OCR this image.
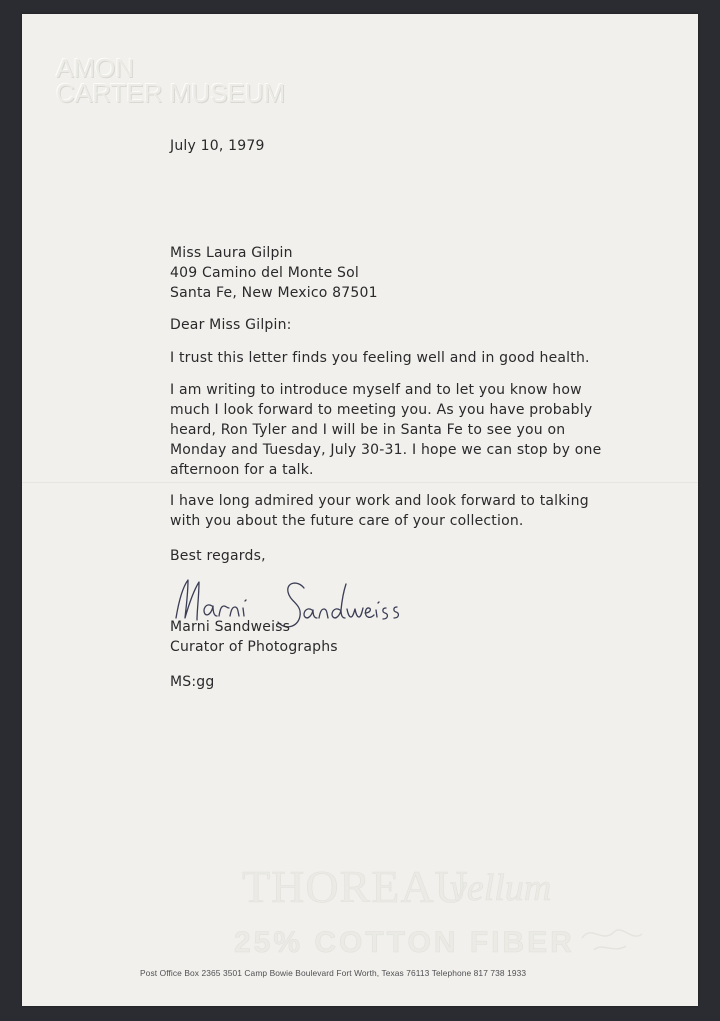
AMON
CARTER MUSEUM
July 10, 1979
Miss Laura Gilpin
409 Camino del Monte Sol
Santa Fe, New Mexico 87501
Dear Miss Gilpin:
I trust this letter finds you feeling well and in good health.
I am writing to introduce myself and to let you know how much I look forward to meeting you. As you have probably heard, Ron Tyler and I will be in Santa Fe to see you on Monday and Tuesday, July 30-31. I hope we can stop by one afternoon for a talk.
I have long admired your work and look forward to talking with you about the future care of your collection.
Best regards,
Marni Sandweiss
Curator of Photographs
MS:gg
THOREAU
vellum
25% COTTON FIBER
Post Office Box 2365 3501 Camp Bowie Boulevard Fort Worth, Texas 76113 Telephone 817 738 1933
